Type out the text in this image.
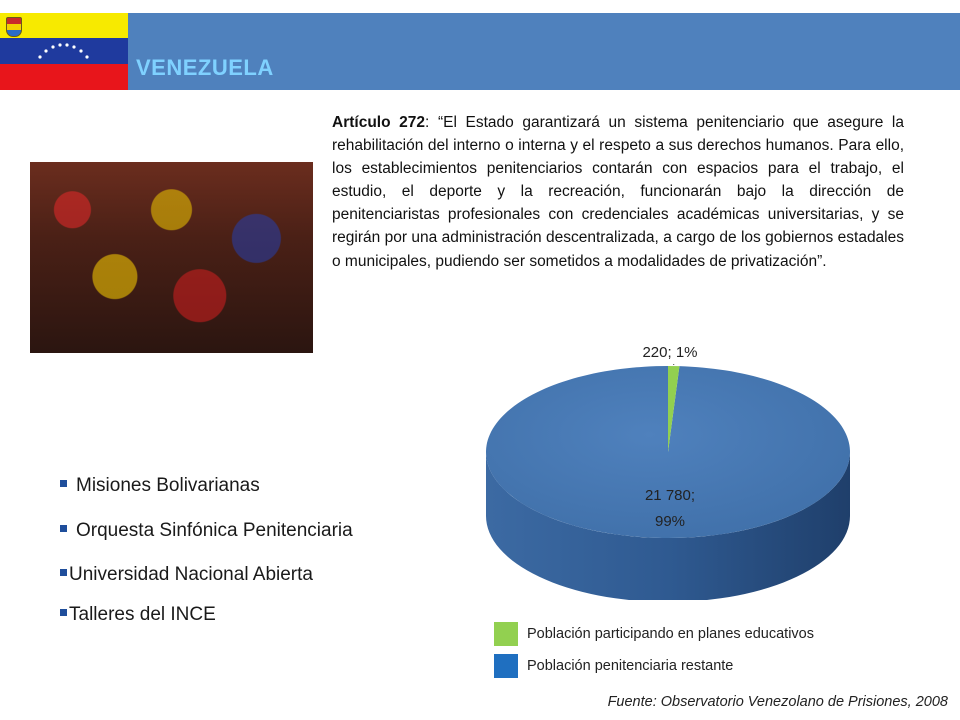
VENEZUELA
Artículo 272: “El Estado garantizará un sistema penitenciario que asegure la rehabilitación del interno o interna y el respeto a sus derechos humanos. Para ello, los establecimientos penitenciarios contarán con espacios para el trabajo, el estudio, el deporte y la recreación, funcionarán bajo la dirección de penitenciaristas profesionales con credenciales académicas universitarias, y se regirán por una administración descentralizada, a cargo de los gobiernos estadales o municipales, pudiendo ser sometidos a modalidades de privatización”.
Misiones Bolivarianas
Orquesta Sinfónica Penitenciaria
Universidad Nacional Abierta
Talleres del INCE
220; 1%
21 780;
99%
Población participando en planes educativos
Población penitenciaria restante
Fuente: Observatorio Venezolano de Prisiones, 2008
